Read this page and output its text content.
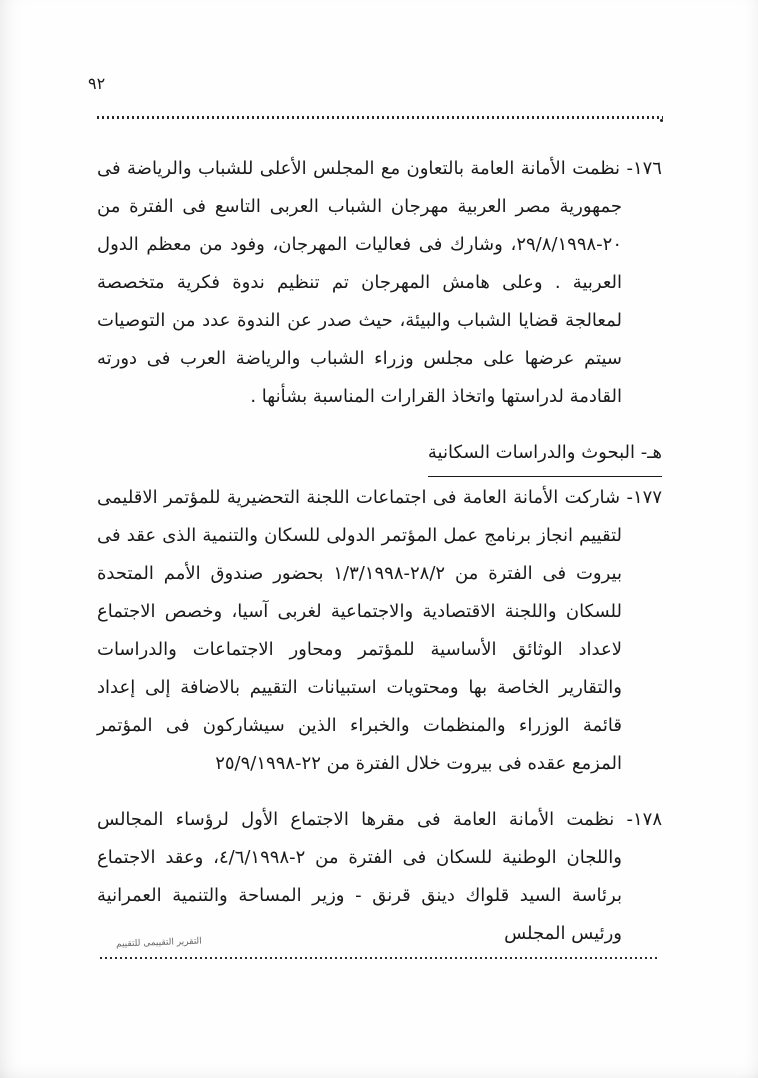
٩٢

١٧٦- نظمت الأمانة العامة بالتعاون مع المجلس الأعلى للشباب والرياضة فى جمهورية مصر العربية مهرجان الشباب العربى التاسع فى الفترة من ٢٠-٢٩/٨/١٩٩٨، وشارك فى فعاليات المهرجان، وفود من معظم الدول العربية . وعلى هامش المهرجان تم تنظيم ندوة فكرية متخصصة لمعالجة قضايا الشباب والبيئة، حيث صدر عن الندوة عدد من التوصيات سيتم عرضها على مجلس وزراء الشباب والرياضة العرب فى دورته القادمة لدراستها واتخاذ القرارات المناسبة بشأنها .

هـ- البحوث والدراسات السكانية

١٧٧- شاركت الأمانة العامة فى اجتماعات اللجنة التحضيرية للمؤتمر الاقليمى لتقييم انجاز برنامج عمل المؤتمر الدولى للسكان والتنمية الذى عقد فى بيروت فى الفترة من ٢٨/٢-١/٣/١٩٩٨ بحضور صندوق الأمم المتحدة للسكان واللجنة الاقتصادية والاجتماعية لغربى آسيا، وخصص الاجتماع لاعداد الوثائق الأساسية للمؤتمر ومحاور الاجتماعات والدراسات والتقارير الخاصة بها ومحتويات استبيانات التقييم بالاضافة إلى إعداد قائمة الوزراء والمنظمات والخبراء الذين سيشاركون فى المؤتمر المزمع عقده فى بيروت خلال الفترة من ٢٢-٢٥/٩/١٩٩٨

١٧٨- نظمت الأمانة العامة فى مقرها الاجتماع الأول لرؤساء المجالس واللجان الوطنية للسكان فى الفترة من ٢-٤/٦/١٩٩٨، وعقد الاجتماع برئاسة السيد قلواك دينق قرنق - وزير المساحة والتنمية العمرانية ورئيس المجلس

التقرير التقييمى للتقييم
